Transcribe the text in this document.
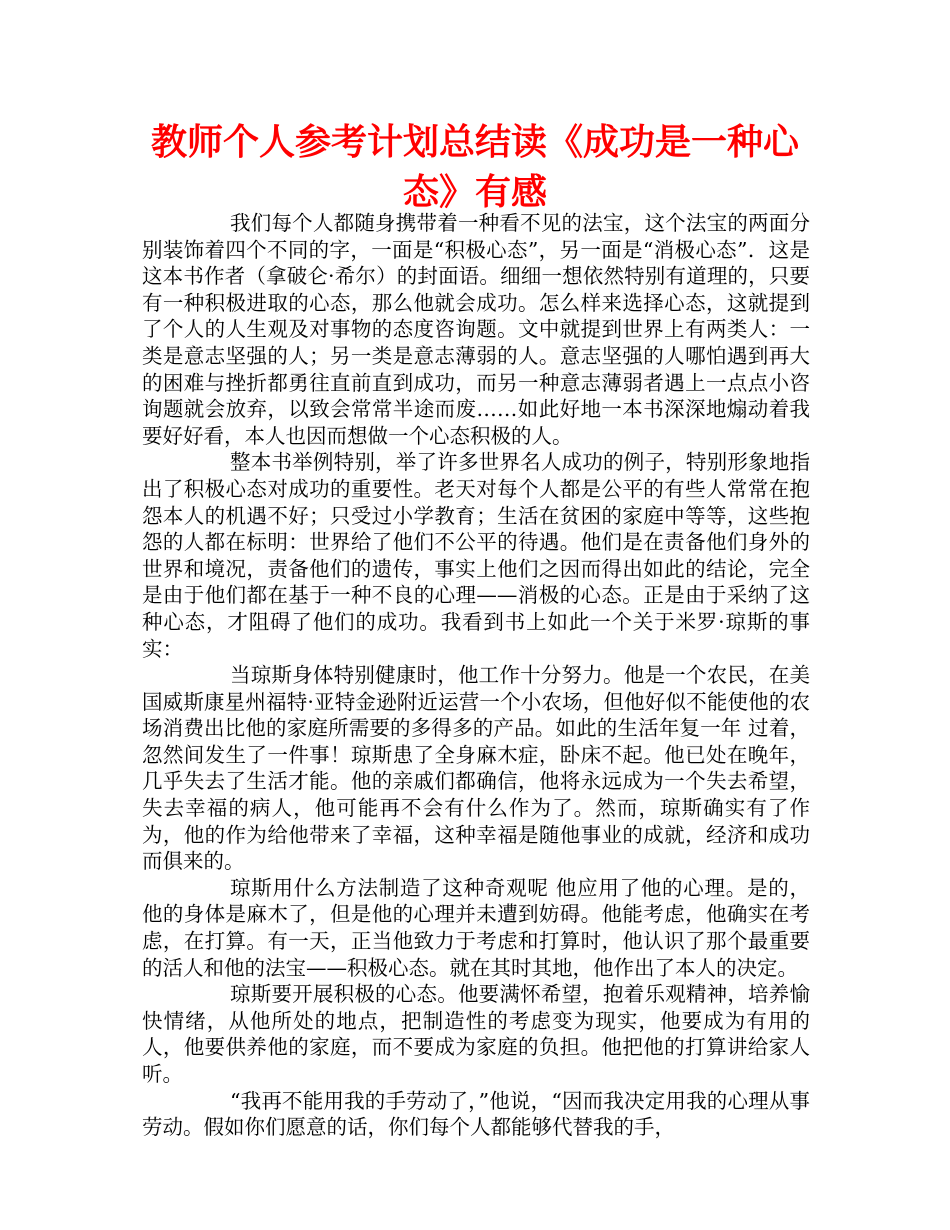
教师个人参考计划总结读《成功是一种心态》有感

我们每个人都随身携带着一种看不见的法宝，这个法宝的两面分别装饰着四个不同的字，一面是“积极心态”，另一面是“消极心态”．这是这本书作者（拿破仑·希尔）的封面语。细细一想依然特别有道理的，只要有一种积极进取的心态，那么他就会成功。怎么样来选择心态，这就提到了个人的人生观及对事物的态度咨询题。文中就提到世界上有两类人：一类是意志坚强的人；另一类是意志薄弱的人。意志坚强的人哪怕遇到再大的困难与挫折都勇往直前直到成功，而另一种意志薄弱者遇上一点点小咨询题就会放弃，以致会常常半途而废……如此好地一本书深深地煽动着我要好好看，本人也因而想做一个心态积极的人。

整本书举例特别，举了许多世界名人成功的例子，特别形象地指出了积极心态对成功的重要性。老天对每个人都是公平的有些人常常在抱怨本人的机遇不好；只受过小学教育；生活在贫困的家庭中等等，这些抱怨的人都在标明：世界给了他们不公平的待遇。他们是在责备他们身外的世界和境况，责备他们的遗传，事实上他们之因而得出如此的结论，完全是由于他们都在基于一种不良的心理——消极的心态。正是由于采纳了这种心态，才阻碍了他们的成功。我看到书上如此一个关于米罗·琼斯的事实：

当琼斯身体特别健康时，他工作十分努力。他是一个农民，在美国威斯康星州福特·亚特金逊附近运营一个小农场，但他好似不能使他的农场消费出比他的家庭所需要的多得多的产品。如此的生活年复一年 过着，忽然间发生了一件事！琼斯患了全身麻木症，卧床不起。他已处在晚年，几乎失去了生活才能。他的亲戚们都确信，他将永远成为一个失去希望，失去幸福的病人，他可能再不会有什么作为了。然而，琼斯确实有了作为，他的作为给他带来了幸福，这种幸福是随他事业的成就，经济和成功而俱来的。

琼斯用什么方法制造了这种奇观呢 他应用了他的心理。是的，他的身体是麻木了，但是他的心理并未遭到妨碍。他能考虑，他确实在考虑，在打算。有一天，正当他致力于考虑和打算时，他认识了那个最重要的活人和他的法宝——积极心态。就在其时其地，他作出了本人的决定。

琼斯要开展积极的心态。他要满怀希望，抱着乐观精神，培养愉快情绪，从他所处的地点，把制造性的考虑变为现实，他要成为有用的人，他要供养他的家庭，而不要成为家庭的负担。他把他的打算讲给家人听。

“我再不能用我的手劳动了，”他说，“因而我决定用我的心理从事劳动。假如你们愿意的话，你们每个人都能够代替我的手，
